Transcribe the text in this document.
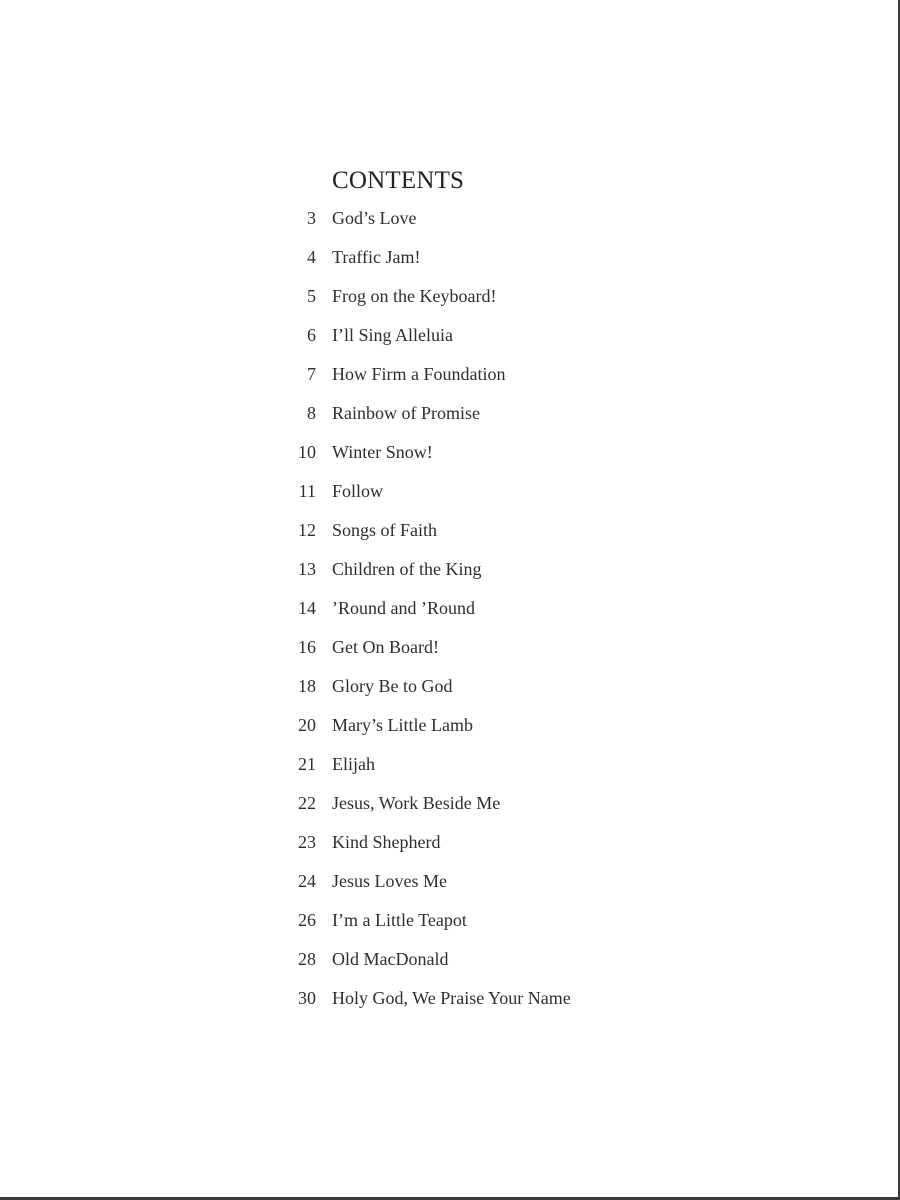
CONTENTS
3 God’s Love
4 Traffic Jam!
5 Frog on the Keyboard!
6 I’ll Sing Alleluia
7 How Firm a Foundation
8 Rainbow of Promise
10 Winter Snow!
11 Follow
12 Songs of Faith
13 Children of the King
14 ’Round and ’Round
16 Get On Board!
18 Glory Be to God
20 Mary’s Little Lamb
21 Elijah
22 Jesus, Work Beside Me
23 Kind Shepherd
24 Jesus Loves Me
26 I’m a Little Teapot
28 Old MacDonald
30 Holy God, We Praise Your Name
